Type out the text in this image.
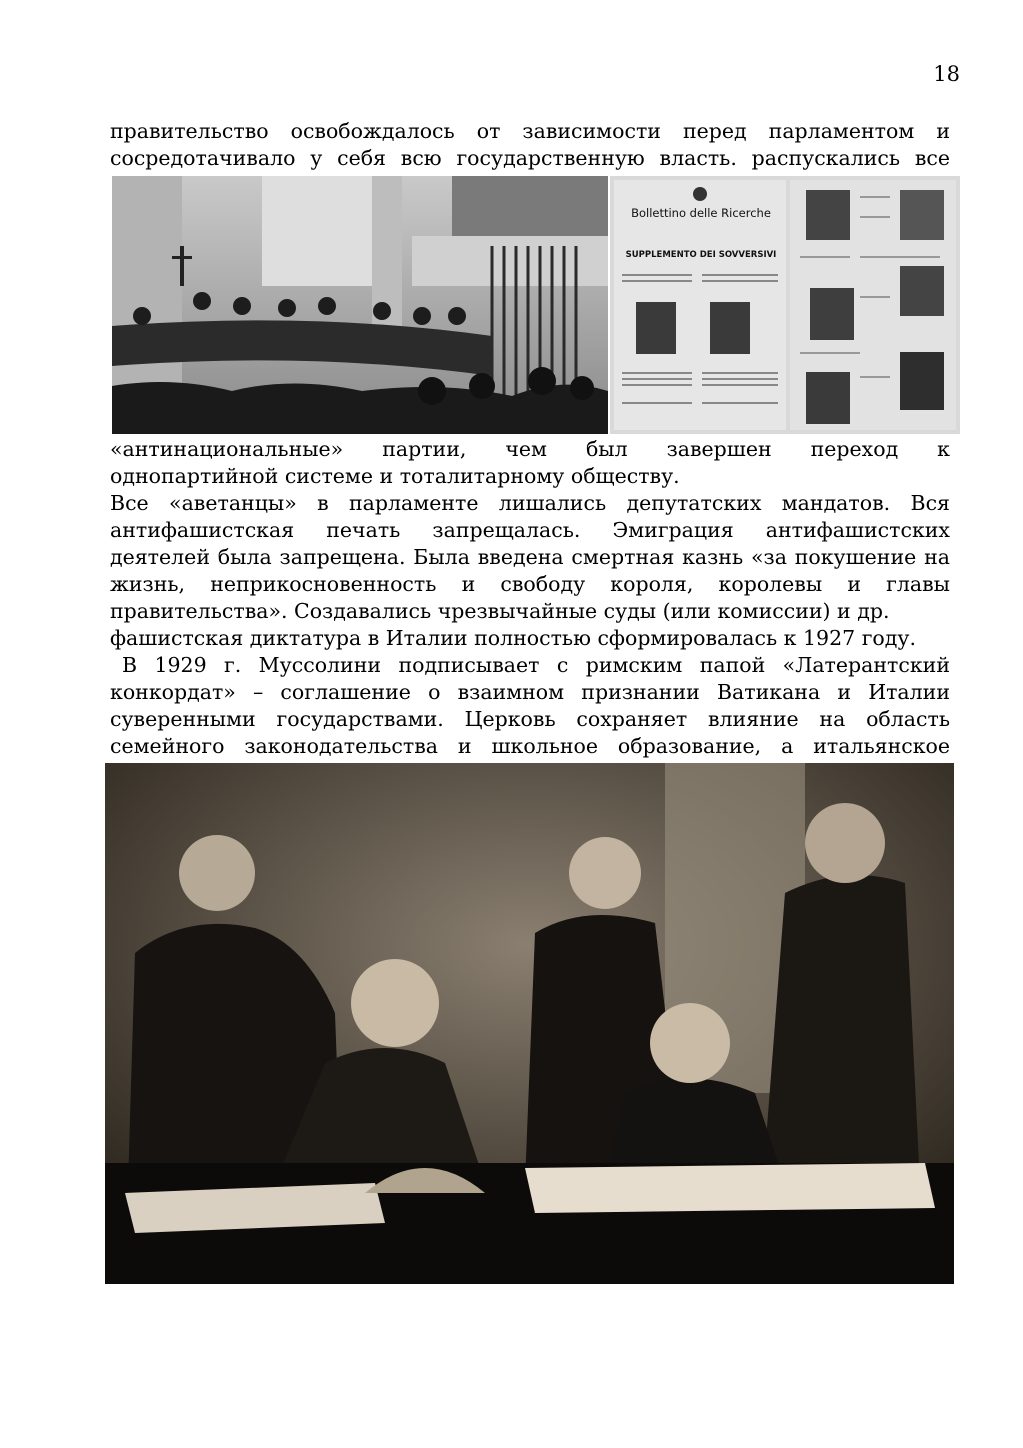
18

правительство освобождалось от зависимости перед парламентом и

сосредотачивало у себя всю государственную власть. распускались все

Bollettino delle Ricerche
SUPPLEMENTO DEI SOVVERSIVI

«антинациональные» партии, чем был завершен переход к

однопартийной системе и тоталитарному обществу.

Все «аветанцы» в парламенте лишались депутатских мандатов. Вся антифашистская печать запрещалась. Эмиграция антифашистских деятелей была запрещена. Была введена смертная казнь «за покушение на жизнь, неприкосновенность и свободу короля, королевы и главы правительства». Создавались чрезвычайные суды (или комиссии) и др.

фашистская диктатура в Италии полностью сформировалась к 1927 году.

В 1929 г. Муссолини подписывает с римским папой «Латерантский конкордат» – соглашение о взаимном признании Ватикана и Италии суверенными государствами. Церковь сохраняет влияние на область семейного законодательства и школьное образование, а итальянское
